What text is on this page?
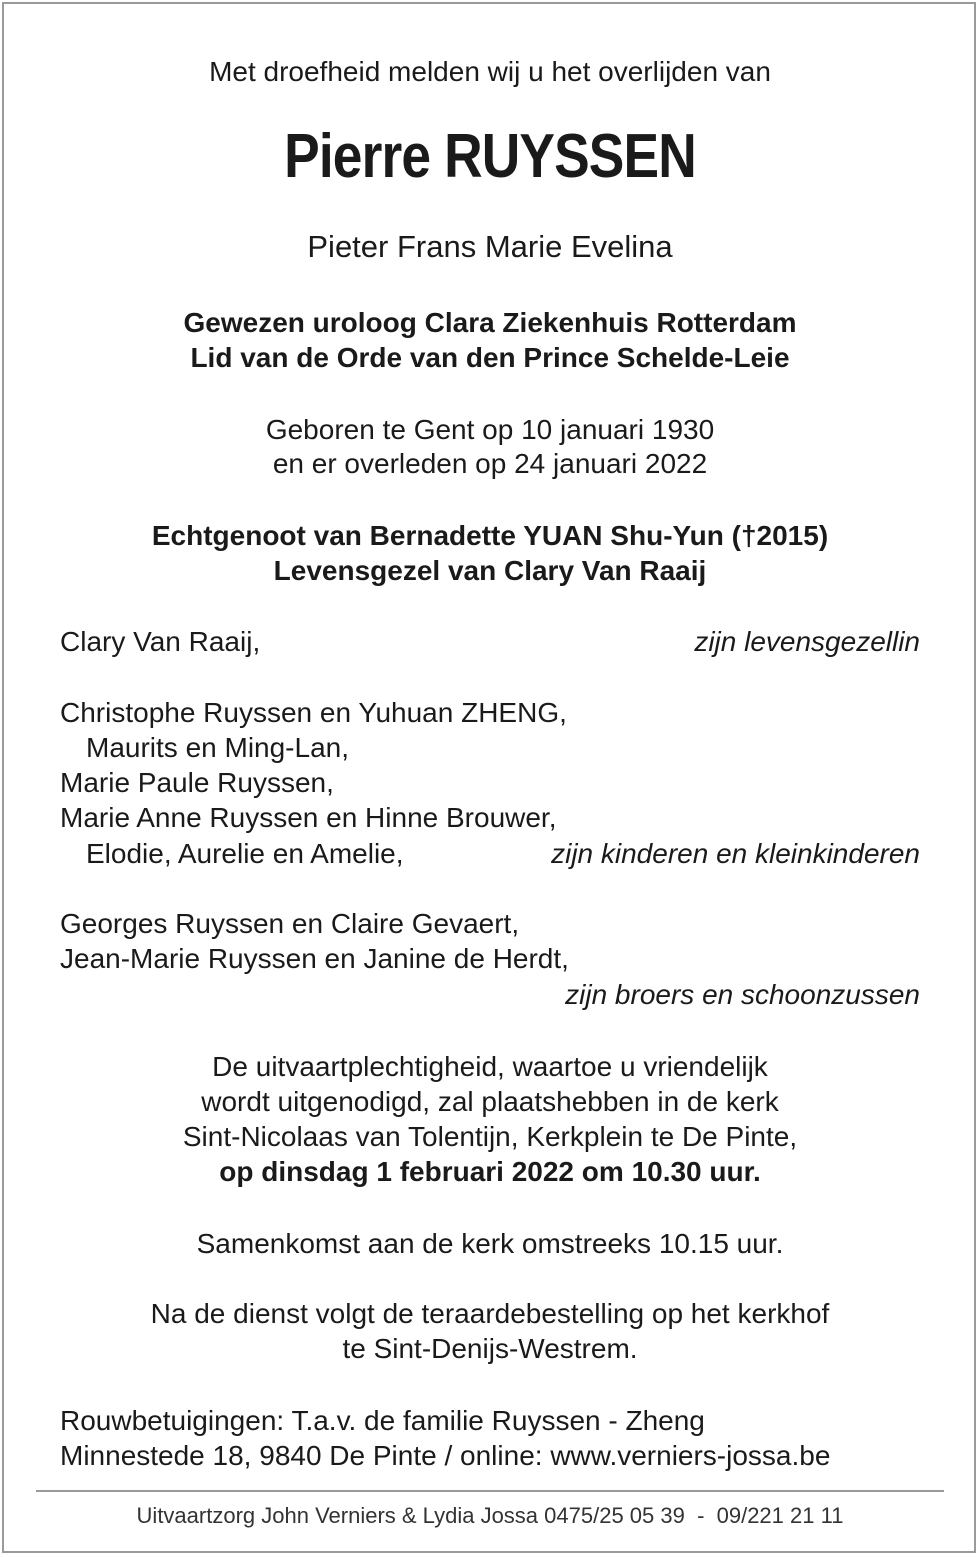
Met droefheid melden wij u het overlijden van
Pierre RUYSSEN
Pieter Frans Marie Evelina
Gewezen uroloog Clara Ziekenhuis Rotterdam
Lid van de Orde van den Prince Schelde-Leie
Geboren te Gent op 10 januari 1930
en er overleden op 24 januari 2022
Echtgenoot van Bernadette YUAN Shu-Yun (†2015)
Levensgezel van Clary Van Raaij
Clary Van Raaij,	zijn levensgezellin
Christophe Ruyssen en Yuhuan ZHENG,
Maurits en Ming-Lan,
Marie Paule Ruyssen,
Marie Anne Ruyssen en Hinne Brouwer,
Elodie, Aurelie en Amelie,	zijn kinderen en kleinkinderen
Georges Ruyssen en Claire Gevaert,
Jean-Marie Ruyssen en Janine de Herdt,
zijn broers en schoonzussen
De uitvaartplechtigheid, waartoe u vriendelijk
wordt uitgenodigd, zal plaatshebben in de kerk
Sint-Nicolaas van Tolentijn, Kerkplein te De Pinte,
op dinsdag 1 februari 2022 om 10.30 uur.
Samenkomst aan de kerk omstreeks 10.15 uur.
Na de dienst volgt de teraardebestelling op het kerkhof
te Sint-Denijs-Westrem.
Rouwbetuigingen: T.a.v. de familie Ruyssen - Zheng
Minnestede 18, 9840 De Pinte / online: www.verniers-jossa.be
Uitvaartzorg John Verniers & Lydia Jossa 0475/25 05 39  -  09/221 21 11
